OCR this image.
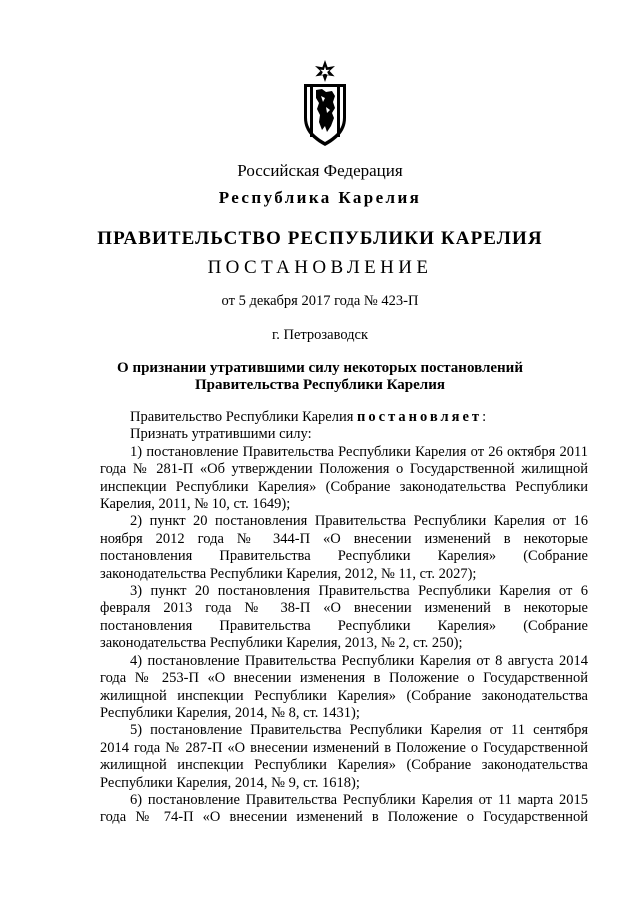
Российская Федерация
Республика Карелия
ПРАВИТЕЛЬСТВО РЕСПУБЛИКИ КАРЕЛИЯ
ПОСТАНОВЛЕНИЕ
от 5 декабря 2017 года № 423-П
г. Петрозаводск
О признании утратившими силу некоторых постановлений
Правительства Республики Карелия

Правительство Республики Карелия постановляет:

Признать утратившими силу:

1) постановление Правительства Республики Карелия от 26 октября 2011 года № 281-П «Об утверждении Положения о Государственной жилищной инспекции Республики Карелия» (Собрание законодательства Республики Карелия, 2011, № 10, ст. 1649);

2) пункт 20 постановления Правительства Республики Карелия от 16 ноября 2012 года № 344-П «О внесении изменений в некоторые постановления Правительства Республики Карелия» (Собрание законодательства Республики Карелия, 2012, № 11, ст. 2027);

3) пункт 20 постановления Правительства Республики Карелия от 6 февраля 2013 года № 38-П «О внесении изменений в некоторые постановления Правительства Республики Карелия» (Собрание законодательства Республики Карелия, 2013, № 2, ст. 250);

4) постановление Правительства Республики Карелия от 8 августа 2014 года № 253-П «О внесении изменения в Положение о Государственной жилищной инспекции Республики Карелия» (Собрание законодательства Республики Карелия, 2014, № 8, ст. 1431);

5) постановление Правительства Республики Карелия от 11 сентября 2014 года № 287-П «О внесении изменений в Положение о Государственной жилищной инспекции Республики Карелия» (Собрание законодательства Республики Карелия, 2014, № 9, ст. 1618);

6) постановление Правительства Республики Карелия от 11 марта 2015 года № 74-П «О внесении изменений в Положение о Государственной
